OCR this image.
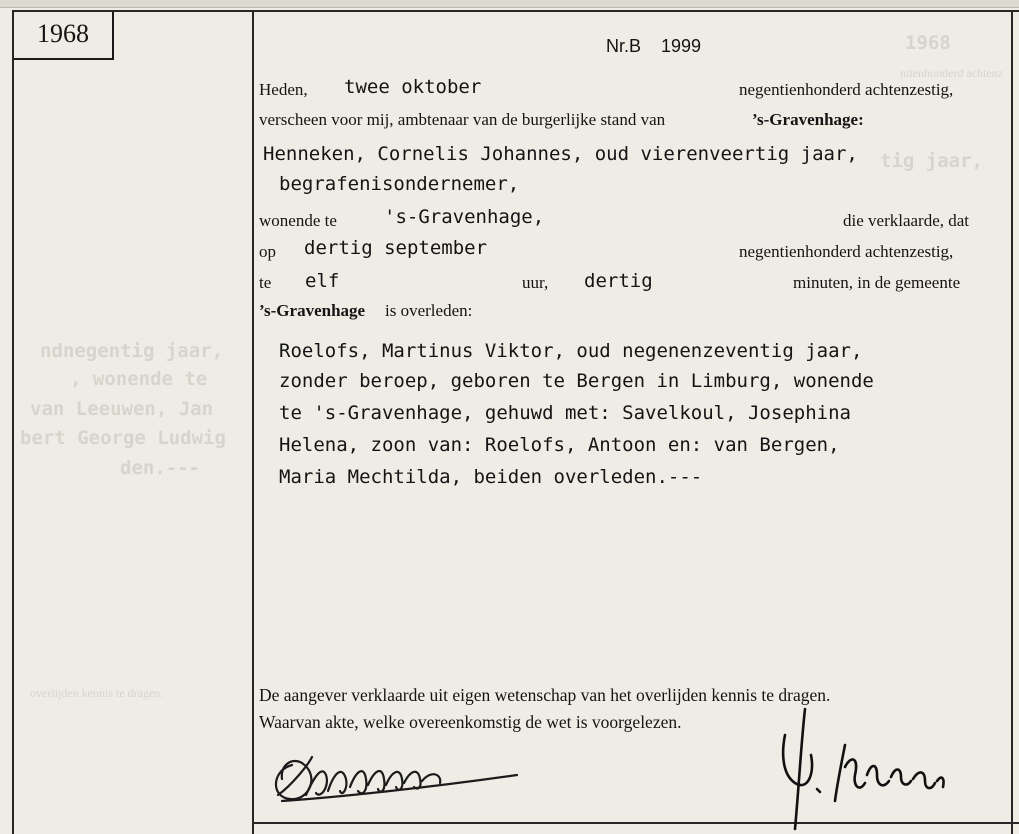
1968
ntienhonderd achtenz
tig jaar,
ndnegentig jaar,
, wonende te
van Leeuwen, Jan
bert George Ludwig
den.---
overlijden kennis te dragen.
1968	Nr.B 1999
Heden, twee oktober	negentienhonderd achtenzestig,
verscheen voor mij, ambtenaar van de burgerlijke stand van	’s-Gravenhage:
Henneken, Cornelis Johannes, oud vierenveertig jaar,
begrafenisondernemer,
wonende te 's-Gravenhage,	die verklaarde, dat
op dertig september	negentienhonderd achtenzestig,
te elf	uur, dertig	minuten, in de gemeente
’s-Gravenhage is overleden:
Roelofs, Martinus Viktor, oud negenenzeventig jaar,
zonder beroep, geboren te Bergen in Limburg, wonende
te 's-Gravenhage, gehuwd met: Savelkoul, Josephina
Helena, zoon van: Roelofs, Antoon en: van Bergen,
Maria Mechtilda, beiden overleden.---
De aangever verklaarde uit eigen wetenschap van het overlijden kennis te dragen.
Waarvan akte, welke overeenkomstig de wet is voorgelezen.
